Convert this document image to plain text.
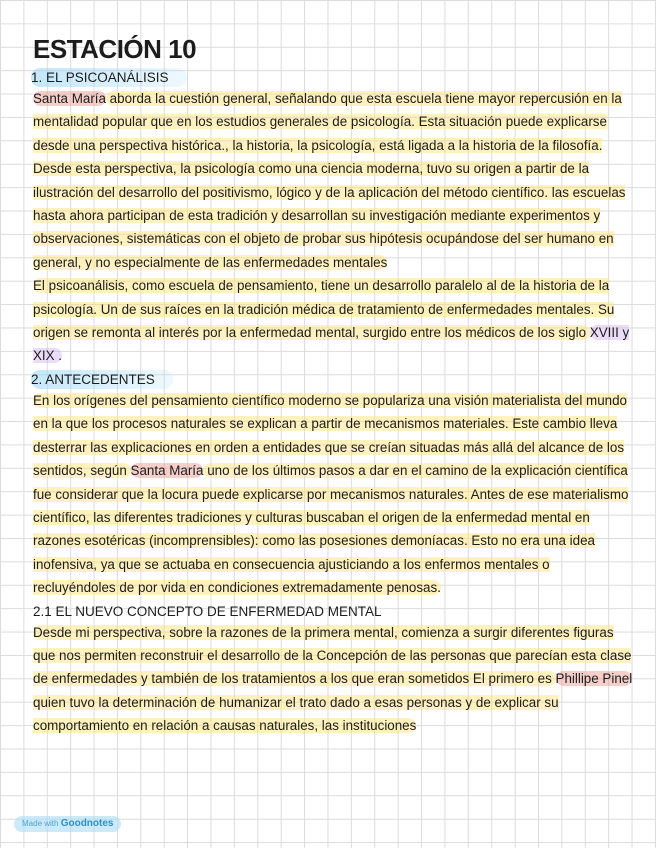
ESTACIÓN 10
1. EL PSICOANÁLISIS

Santa María aborda la cuestión general, señalando que esta escuela tiene mayor repercusión en la mentalidad popular que en los estudios generales de psicología. Esta situación puede explicarse desde una perspectiva histórica., la historia, la psicología, está ligada a la historia de la filosofía. Desde esta perspectiva, la psicología como una ciencia moderna, tuvo su origen a partir de la ilustración del desarrollo del positivismo, lógico y de la aplicación del método científico. las escuelas hasta ahora participan de esta tradición y desarrollan su investigación mediante experimentos y observaciones, sistemáticas con el objeto de probar sus hipótesis ocupándose del ser humano en general, y no especialmente de las enfermedades mentales

El psicoanálisis, como escuela de pensamiento, tiene un desarrollo paralelo al de la historia de la psicología. Un de sus raíces en la tradición médica de tratamiento de enfermedades mentales. Su origen se remonta al interés por la enfermedad mental, surgido entre los médicos de los siglo XVIII y XIX .

2. ANTECEDENTES

En los orígenes del pensamiento científico moderno se populariza una visión materialista del mundo en la que los procesos naturales se explican a partir de mecanismos materiales. Este cambio lleva desterrar las explicaciones en orden a entidades que se creían situadas más allá del alcance de los sentidos, según Santa María uno de los últimos pasos a dar en el camino de la explicación científica fue considerar que la locura puede explicarse por mecanismos naturales. Antes de ese materialismo científico, las diferentes tradiciones y culturas buscaban el origen de la enfermedad mental en razones esotéricas (incomprensibles): como las posesiones demoníacas. Esto no era una idea inofensiva, ya que se actuaba en consecuencia ajusticiando a los enfermos mentales o recluyéndoles de por vida en condiciones extremadamente penosas.

2.1 EL NUEVO CONCEPTO DE ENFERMEDAD MENTAL

Desde mi perspectiva, sobre la razones de la primera mental, comienza a surgir diferentes figuras que nos permiten reconstruir el desarrollo de la Concepción de las personas que parecían esta clase de enfermedades y también de los tratamientos a los que eran sometidos El primero es Phillipe Pinel quien tuvo la determinación de humanizar el trato dado a esas personas y de explicar su comportamiento en relación a causas naturales, las instituciones

Made with Goodnotes
